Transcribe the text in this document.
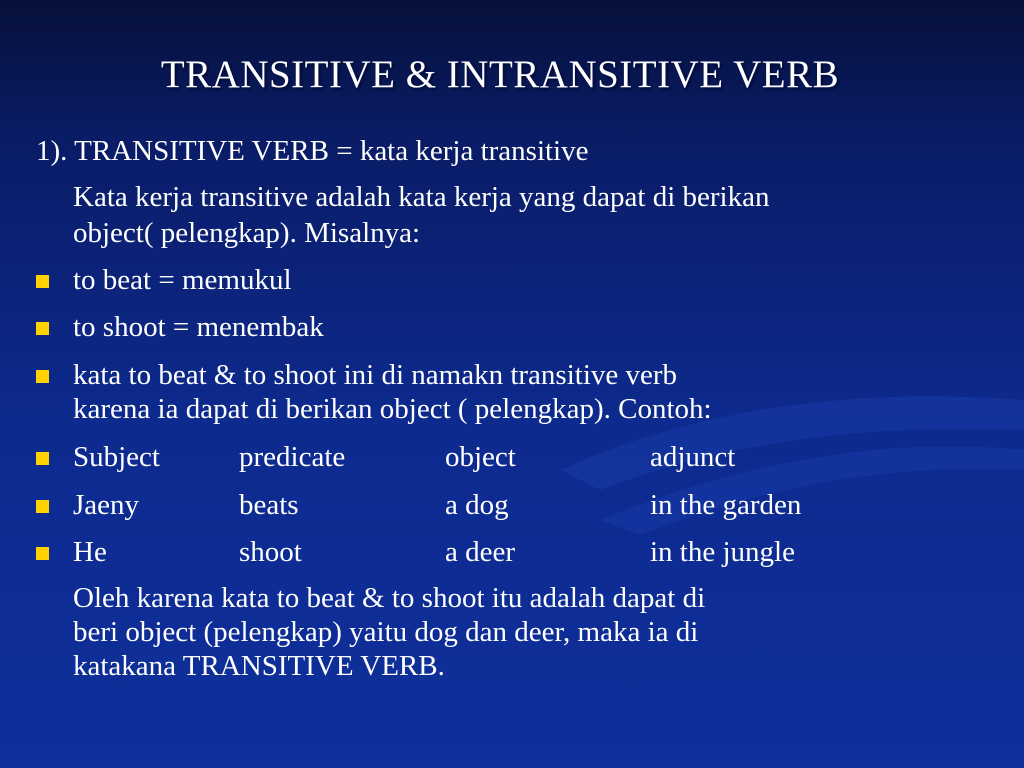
TRANSITIVE & INTRANSITIVE VERB
1). TRANSITIVE VERB = kata kerja transitive
Kata kerja transitive adalah kata kerja yang dapat di berikan
object( pelengkap). Misalnya:
to beat = memukul
to shoot = menembak
kata to beat & to shoot ini di namakn transitive verb
karena ia dapat di berikan object ( pelengkap). Contoh:
Subject	predicate	object	adjunct
Jaeny	beats	a dog	in the garden
He	shoot	a deer	in the jungle
Oleh karena kata to beat & to shoot itu adalah dapat di
beri object (pelengkap) yaitu dog dan deer, maka ia di
katakana TRANSITIVE VERB.
